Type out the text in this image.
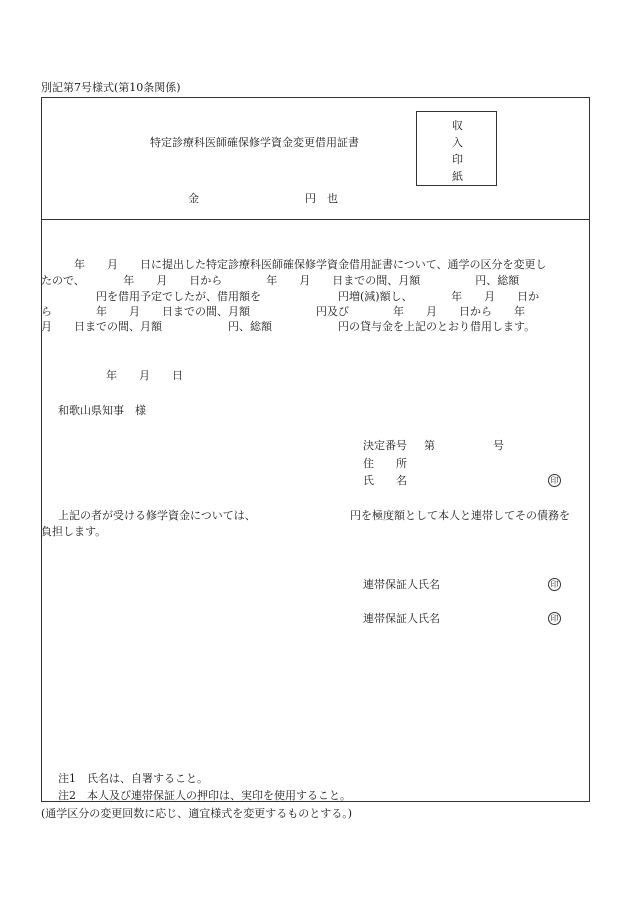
別記第7号様式(第10条関係)
特定診療科医師確保修学資金変更借用証書
収
入
印
紙
金	円 也
　　　年　　月　　日に提出した特定診療科医師確保修学資金借用証書について、通学の区分を変更し
たので、　　　　年　　月　　日から　　　　年　　月　　日までの間、月額　　　　　円、総額
　　　　　円を借用予定でしたが、借用額を　　　　　　　円増(減)額し、　　　　年　　月　　日か
ら　　　　年　　月　　日までの間、月額　　　　　　円及び　　　　年　　月　　日から　　年
月　　日までの間、月額　　　　　　円、総額　　　　　　円の貸与金を上記のとおり借用します。
年　　月　　日
和歌山県知事　様
決定番号 第	号
住　　所
氏　　名	印
上記の者が受ける修学資金については、	円を極度額として本人と連帯してその債務を
負担します。
連帯保証人氏名	印
連帯保証人氏名	印
注1　氏名は、自署すること。
注2　本人及び連帯保証人の押印は、実印を使用すること。
(通学区分の変更回数に応じ、適宜様式を変更するものとする。)
